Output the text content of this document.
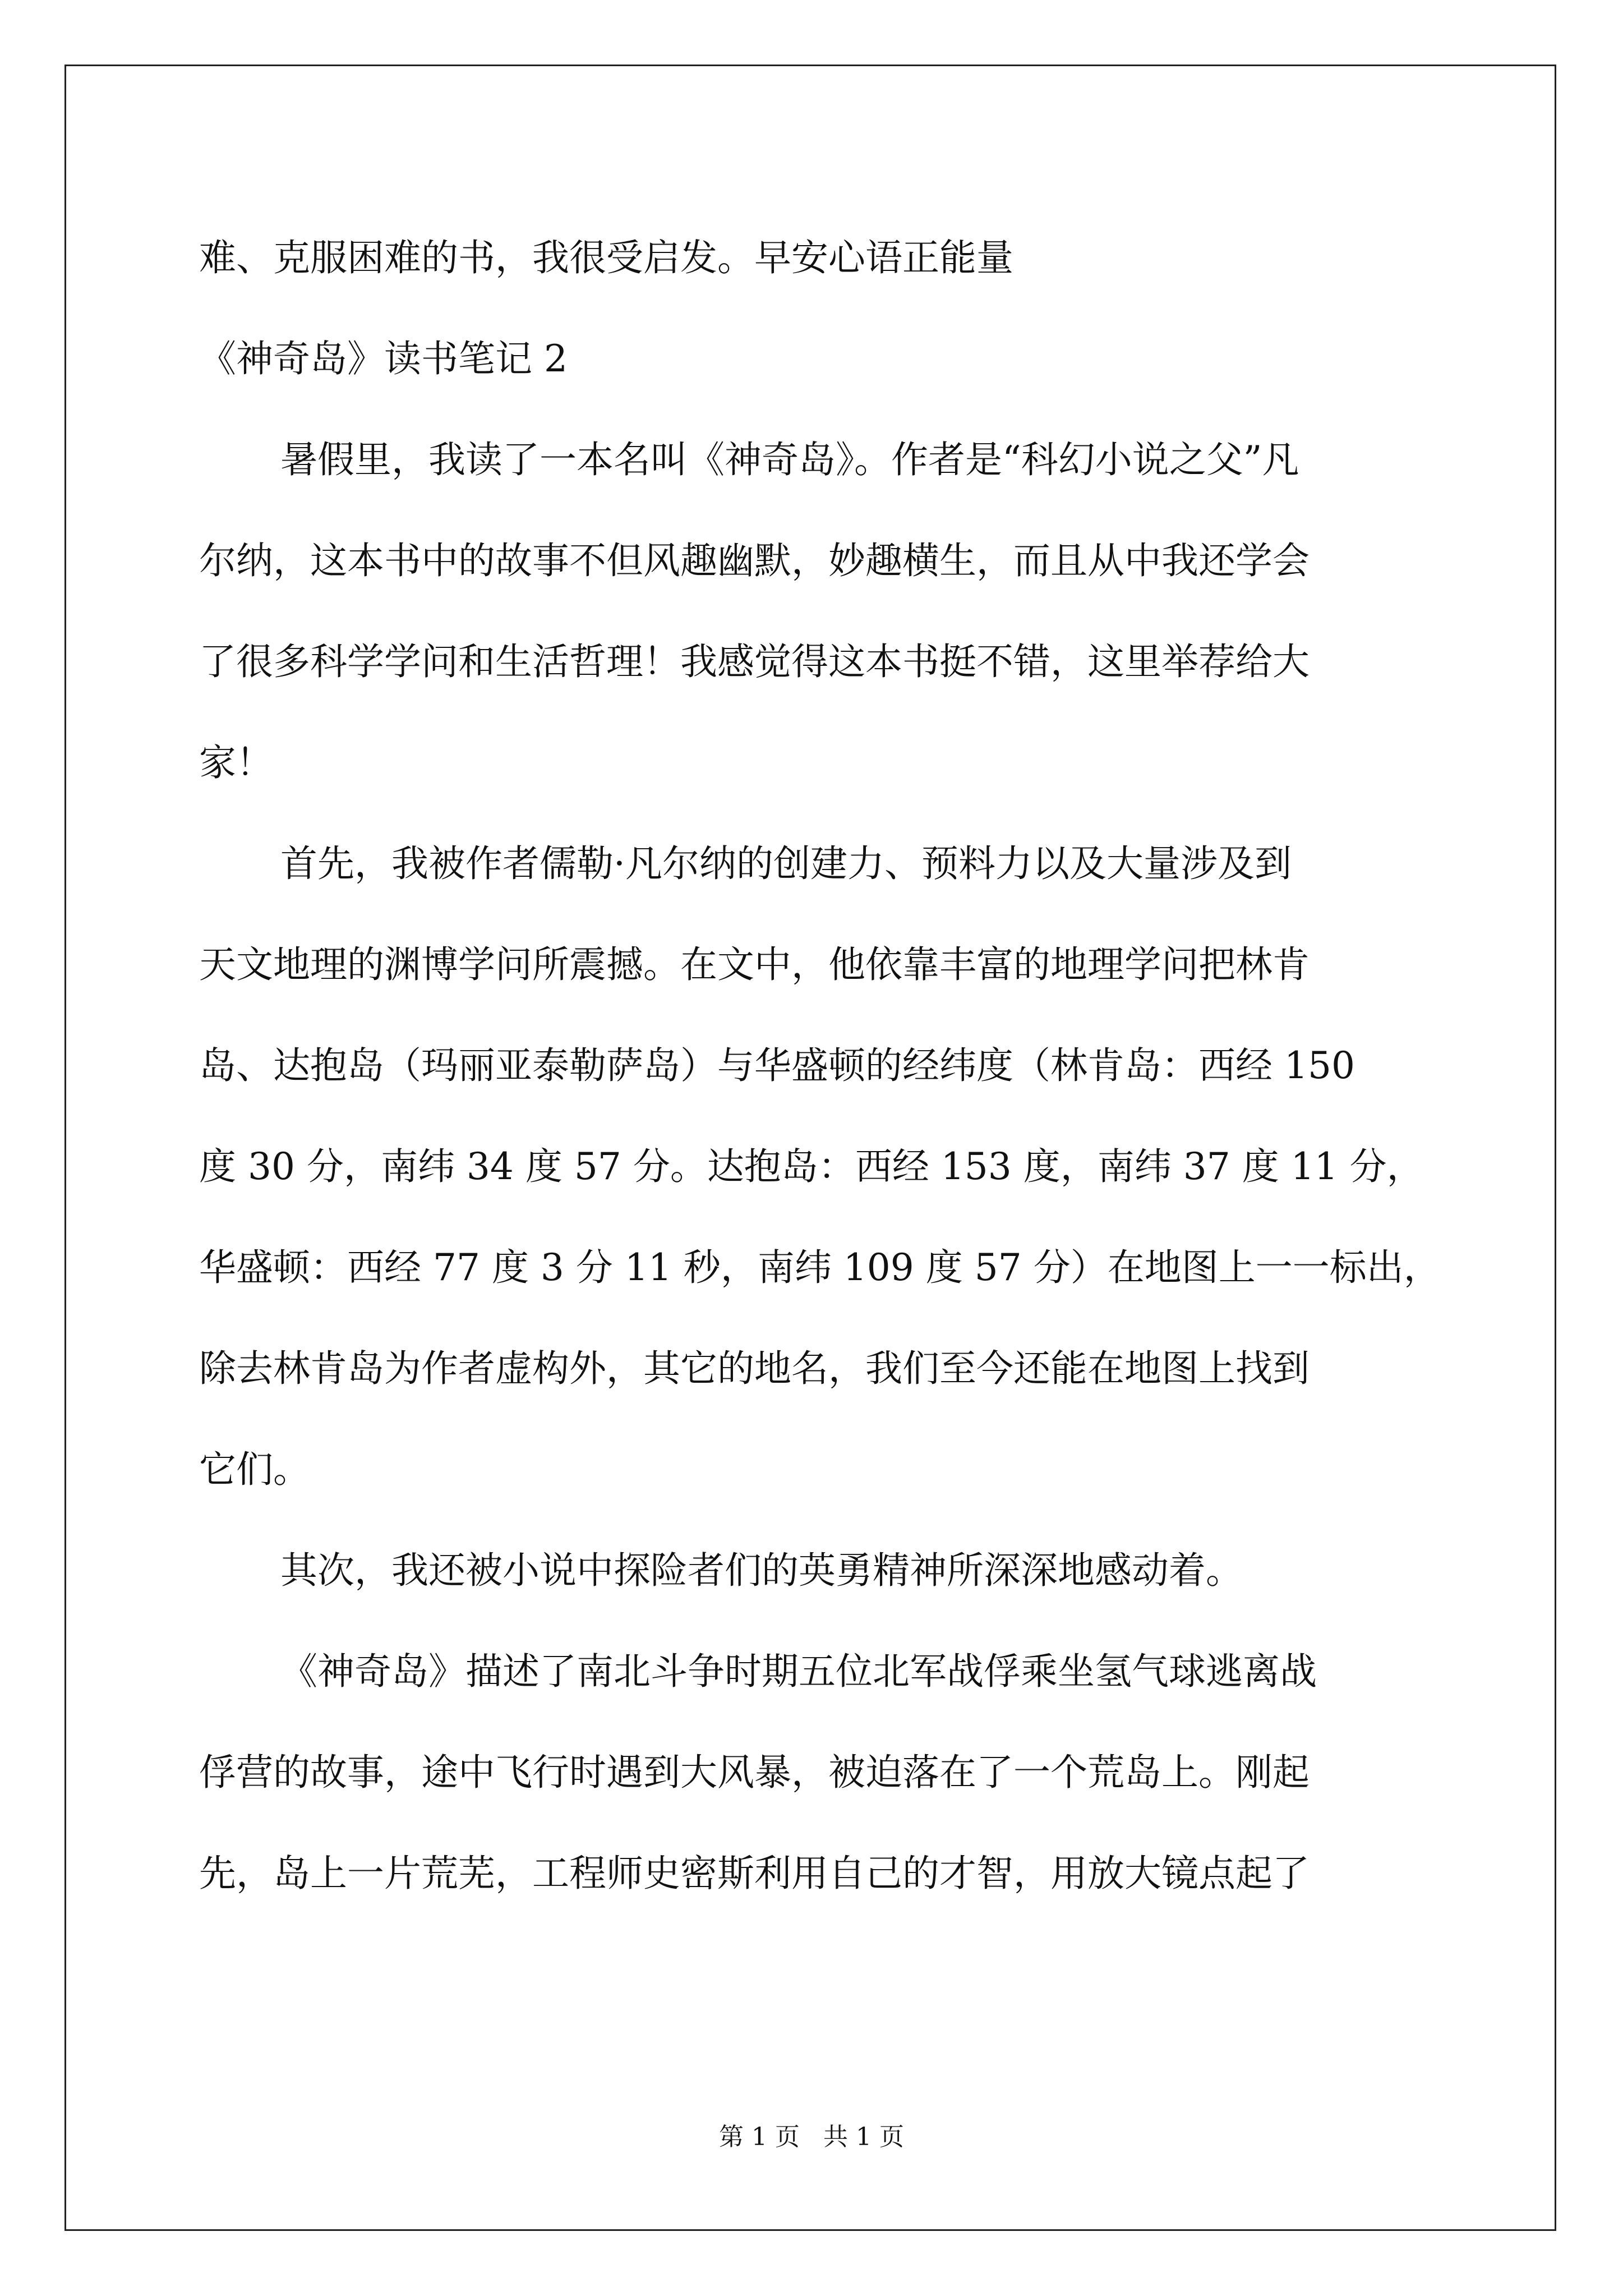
难、克服困难的书，我很受启发。早安心语正能量
《神奇岛》读书笔记 2
暑假里，我读了一本名叫《神奇岛》。作者是“科幻小说之父”凡
尔纳，这本书中的故事不但风趣幽默，妙趣横生，而且从中我还学会
了很多科学学问和生活哲理！我感觉得这本书挺不错，这里举荐给大
家！
首先，我被作者儒勒·凡尔纳的创建力、预料力以及大量涉及到
天文地理的渊博学问所震撼。在文中，他依靠丰富的地理学问把林肯
岛、达抱岛（玛丽亚泰勒萨岛）与华盛顿的经纬度（林肯岛：西经 150
度 30 分，南纬 34 度 57 分。达抱岛：西经 153 度，南纬 37 度 11 分，
华盛顿：西经 77 度 3 分 11 秒，南纬 109 度 57 分）在地图上一一标出，
除去林肯岛为作者虚构外，其它的地名，我们至今还能在地图上找到
它们。
其次，我还被小说中探险者们的英勇精神所深深地感动着。
《神奇岛》描述了南北斗争时期五位北军战俘乘坐氢气球逃离战
俘营的故事，途中飞行时遇到大风暴，被迫落在了一个荒岛上。刚起
先，岛上一片荒芜，工程师史密斯利用自己的才智，用放大镜点起了
第 1 页 共 1 页
